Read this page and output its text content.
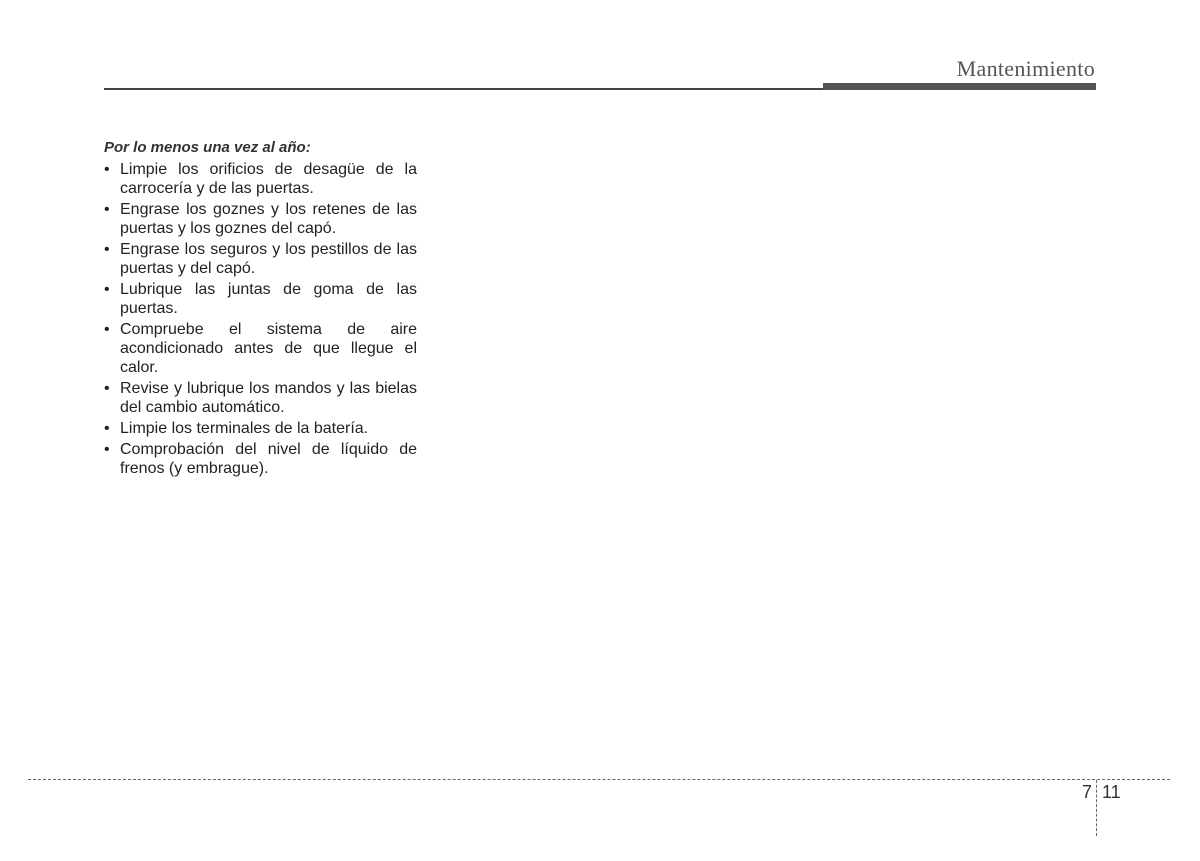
Mantenimiento

Por lo menos una vez al año:

• Limpie los orificios de desagüe de la carrocería y de las puertas.
• Engrase los goznes y los retenes de las puertas y los goznes del capó.
• Engrase los seguros y los pestillos de las puertas y del capó.
• Lubrique las juntas de goma de las puertas.
• Compruebe el sistema de aire acondicionado antes de que llegue el calor.
• Revise y lubrique los mandos y las bielas del cambio automático.
• Limpie los terminales de la batería.
• Comprobación del nivel de líquido de frenos (y embrague).
7 11
